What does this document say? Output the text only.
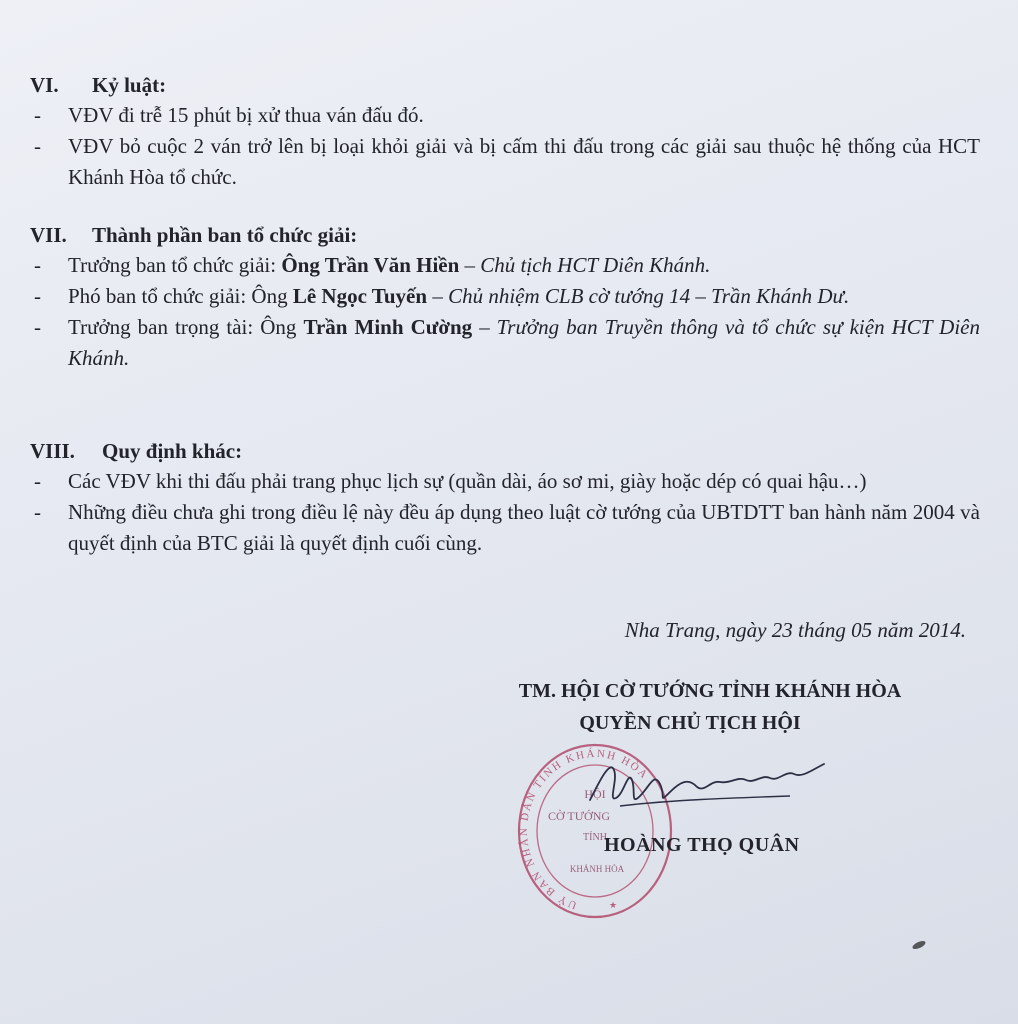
VI. Kỷ luật:
- VĐV đi trễ 15 phút bị xử thua ván đấu đó.
- VĐV bỏ cuộc 2 ván trở lên bị loại khỏi giải và bị cấm thi đấu trong các giải sau thuộc hệ thống của HCT Khánh Hòa tổ chức.
VII. Thành phần ban tổ chức giải:
- Trưởng ban tổ chức giải: Ông Trần Văn Hiền – Chủ tịch HCT Diên Khánh.
- Phó ban tổ chức giải: Ông Lê Ngọc Tuyến – Chủ nhiệm CLB cờ tướng 14 – Trần Khánh Dư.
- Trưởng ban trọng tài: Ông Trần Minh Cường – Trưởng ban Truyền thông và tổ chức sự kiện HCT Diên Khánh.
VIII. Quy định khác:
- Các VĐV khi thi đấu phải trang phục lịch sự (quần dài, áo sơ mi, giày hoặc dép có quai hậu…)
- Những điều chưa ghi trong điều lệ này đều áp dụng theo luật cờ tướng của UBTDTT ban hành năm 2004 và quyết định của BTC giải là quyết định cuối cùng.
Nha Trang, ngày 23 tháng 05 năm 2014.
TM. HỘI CỜ TƯỚNG TỈNH KHÁNH HÒA
QUYỀN CHỦ TỊCH HỘI
UỶ BAN NHÂN DÂN TỈNH KHÁNH HÒA
HỘI
CỜ TƯỚNG
TỈNH
KHÁNH HÒA
★
HOÀNG THỌ QUÂN
